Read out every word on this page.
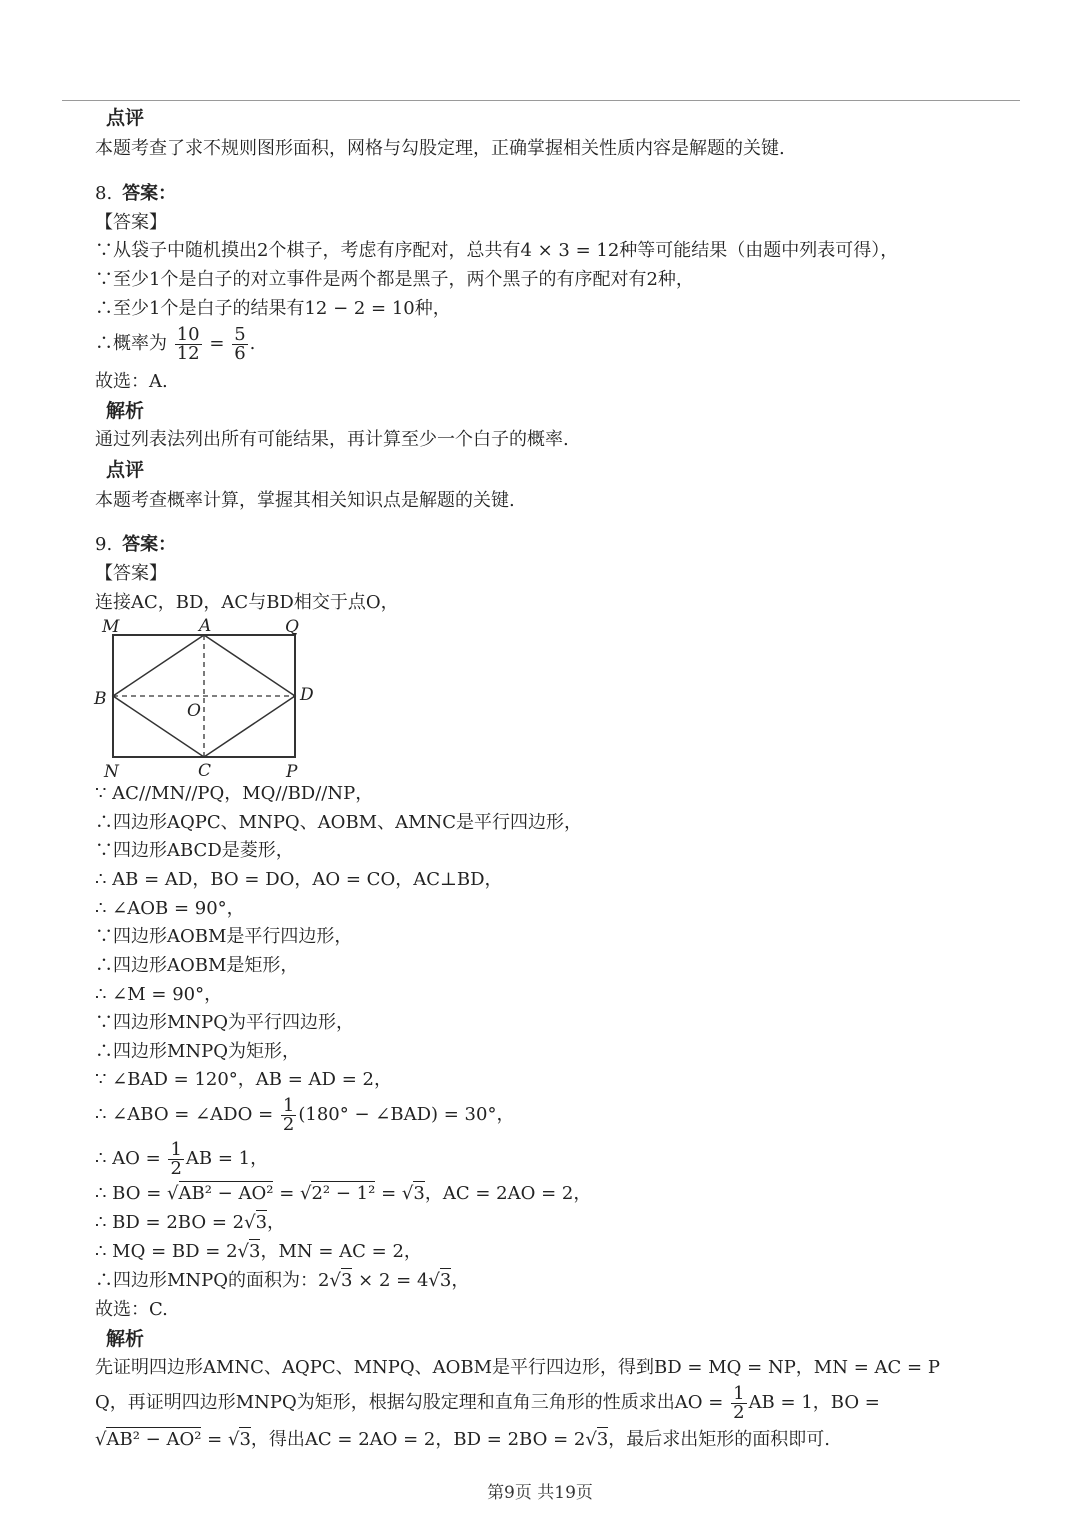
点评
本题考查了求不规则图形面积，网格与勾股定理，正确掌握相关性质内容是解题的关键.
8. 答案：
【答案】
∵从袋子中随机摸出2个棋子，考虑有序配对，总共有4 × 3 = 12种等可能结果（由题中列表可得），
∵至少1个是白子的对立事件是两个都是黑子，两个黑子的有序配对有2种，
∴至少1个是白子的结果有12 − 2 = 10种，
∴概率为 $\frac{10}{12} = \frac{5}{6}$ .
故选：A.
解析
通过列表法列出所有可能结果，再计算至少一个白子的概率.
点评
本题考查概率计算，掌握其相关知识点是解题的关键.
9. 答案：
【答案】
连接AC，BD，AC与BD相交于点O，
M	A	Q
B	D
O
N	C	P
∵ AC//MN//PQ，MQ//BD//NP，
∴四边形AQPC、MNPQ、AOBM、AMNC是平行四边形，
∵四边形ABCD是菱形，
∴ AB = AD，BO = DO，AO = CO，AC⊥BD，
∴ ∠AOB = 90°，
∵四边形AOBM是平行四边形，
∴四边形AOBM是矩形，
∴ ∠M = 90°，
∵四边形MNPQ为平行四边形，
∴四边形MNPQ为矩形，
∵ ∠BAD = 120°，AB = AD = 2，
∴ ∠ABO = ∠ADO = $\frac{1}{2} (180^\circ$ − ∠BAD) = 30°，
∴ AO = $\frac{1}{2}$ AB = 1，
∴ BO = √AB² − AO² = √2² − 1² = √3，AC = 2AO = 2，
∴ BD = 2BO = 2√3，
∴ MQ = BD = 2√3，MN = AC = 2，
∴四边形MNPQ的面积为：2√3 × 2 = 4√3，
故选：C.
解析
先证明四边形AMNC、AQPC、MNPQ、AOBM是平行四边形，得到BD = MQ = NP，MN = AC = P
Q，再证明四边形MNPQ为矩形，根据勾股定理和直角三角形的性质求出AO = $\frac{1}{2}$ AB = 1，BO =
√AB² − AO² = √3，得出AC = 2AO = 2，BD = 2BO = 2√3，最后求出矩形的面积即可.
第9页 共19页
